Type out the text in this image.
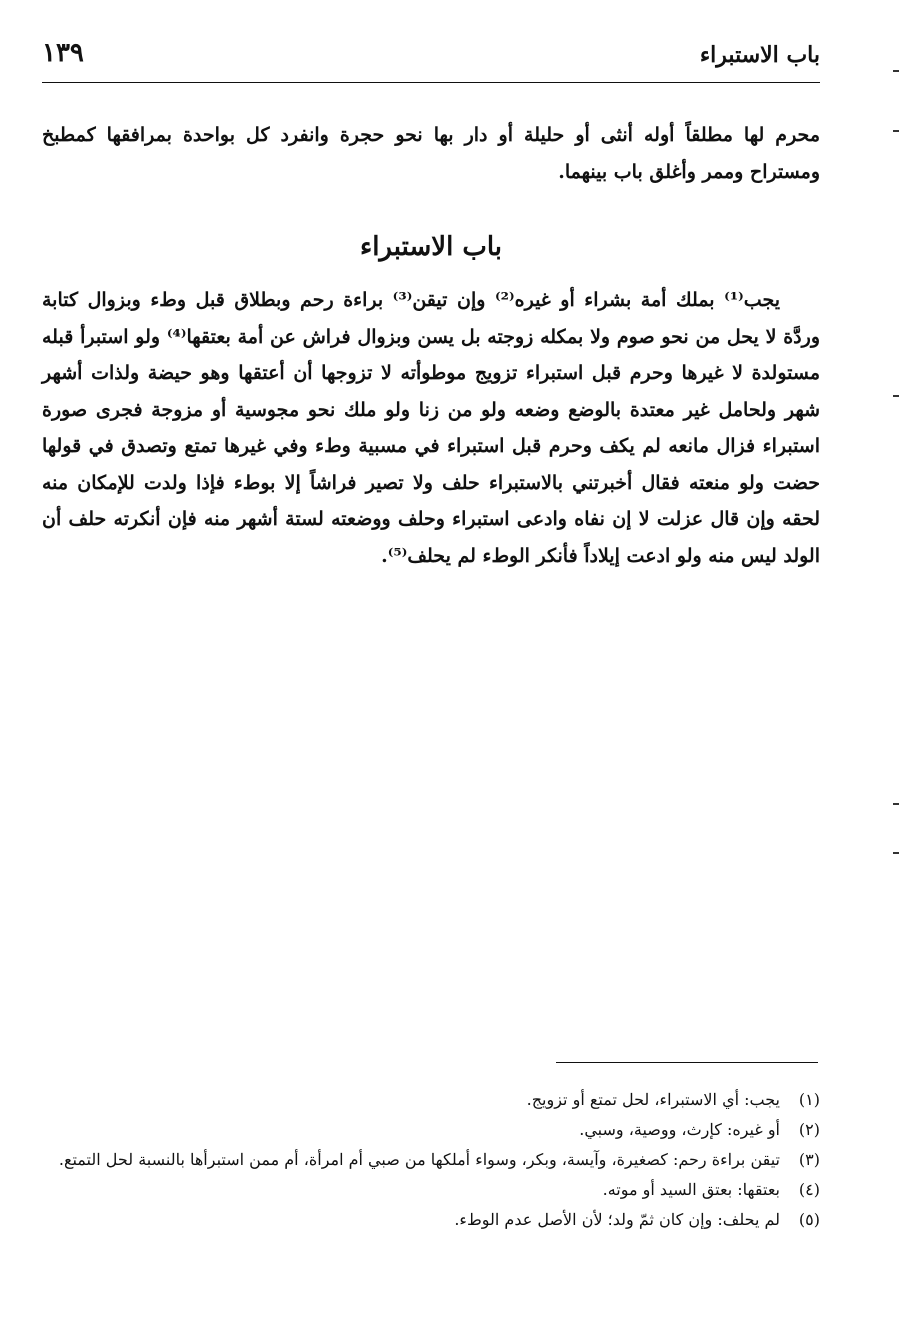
١٣٩	باب الاستبراء

محرم لها مطلقاً أوله أنثى أو حليلة أو دار بها نحو حجرة وانفرد كل بواحدة بمرافقها كمطبخ ومستراح وممر وأغلق باب بينهما.

باب الاستبراء

يجب⁽¹⁾ بملك أمة بشراء أو غيره⁽²⁾ وإن تيقن⁽³⁾ براءة رحم وبطلاق قبل وطء وبزوال كتابة وردَّة لا يحل من نحو صوم ولا بمكله زوجته بل يسن وبزوال فراش عن أمة بعتقها⁽⁴⁾ ولو استبرأ قبله مستولدة لا غيرها وحرم قبل استبراء تزويج موطوأته لا تزوجها أن أعتقها وهو حيضة ولذات أشهر شهر ولحامل غير معتدة بالوضع وضعه ولو من زنا ولو ملك نحو مجوسية أو مزوجة فجرى صورة استبراء فزال مانعه لم يكف وحرم قبل استبراء في مسبية وطء وفي غيرها تمتع وتصدق في قولها حضت ولو منعته فقال أخبرتني بالاستبراء حلف ولا تصير فراشاً إلا بوطء فإذا ولدت للإمكان منه لحقه وإن قال عزلت لا إن نفاه وادعى استبراء وحلف ووضعته لستة أشهر منه فإن أنكرته حلف أن الولد ليس منه ولو ادعت إيلاداً فأنكر الوطء لم يحلف⁽⁵⁾.

(١)
يجب: أي الاستبراء، لحل تمتع أو تزويج.
(٢)
أو غيره: كإرث، ووصية، وسبي.
(٣)
تيقن براءة رحم: كصغيرة، وآيسة، وبكر، وسواء أملكها من صبي أم امرأة، أم ممن استبرأها بالنسبة لحل التمتع.
(٤)
بعتقها: بعتق السيد أو موته.
(٥)
لم يحلف: وإن كان ثمّ ولد؛ لأن الأصل عدم الوطء.
